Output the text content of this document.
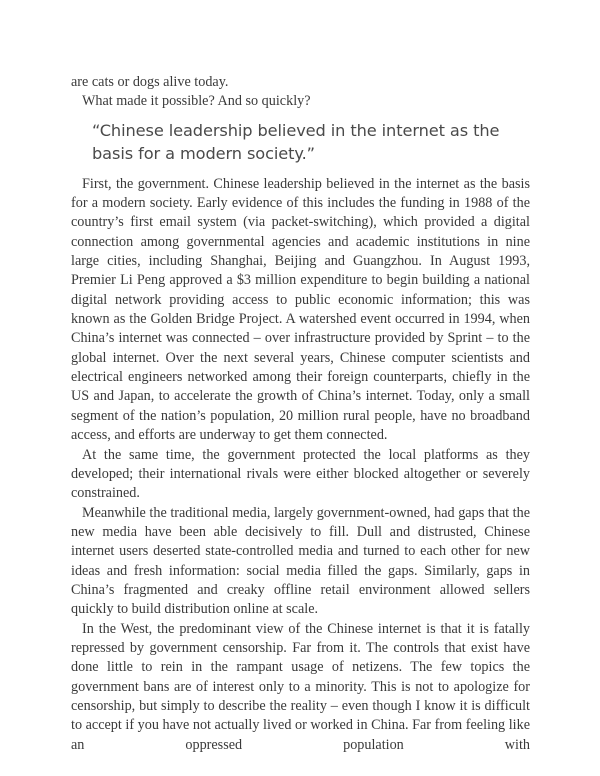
are cats or dogs alive today.

What made it possible? And so quickly?

“Chinese leadership believed in the internet as the basis for a modern society.”

First, the government. Chinese leadership believed in the internet as the basis for a modern society. Early evidence of this includes the funding in 1988 of the country’s first email system (via packet-switching), which provided a digital connection among governmental agencies and academic institutions in nine large cities, including Shanghai, Beijing and Guangzhou. In August 1993, Premier Li Peng approved a $3 million expenditure to begin building a national digital network providing access to public economic information; this was known as the Golden Bridge Project. A watershed event occurred in 1994, when China’s internet was connected – over infrastructure provided by Sprint – to the global internet. Over the next several years, Chinese computer scientists and electrical engineers networked among their foreign counterparts, chiefly in the US and Japan, to accelerate the growth of China’s internet. Today, only a small segment of the nation’s population, 20 million rural people, have no broadband access, and efforts are underway to get them connected.

At the same time, the government protected the local platforms as they developed; their international rivals were either blocked altogether or severely constrained.

Meanwhile the traditional media, largely government-owned, had gaps that the new media have been able decisively to fill. Dull and distrusted, Chinese internet users deserted state-controlled media and turned to each other for new ideas and fresh information: social media filled the gaps. Similarly, gaps in China’s fragmented and creaky offline retail environment allowed sellers quickly to build distribution online at scale.

In the West, the predominant view of the Chinese internet is that it is fatally repressed by government censorship. Far from it. The controls that exist have done little to rein in the rampant usage of netizens. The few topics the government bans are of interest only to a minority. This is not to apologize for censorship, but simply to describe the reality – even though I know it is difficult to accept if you have not actually lived or worked in China. Far from feeling like an oppressed population with
